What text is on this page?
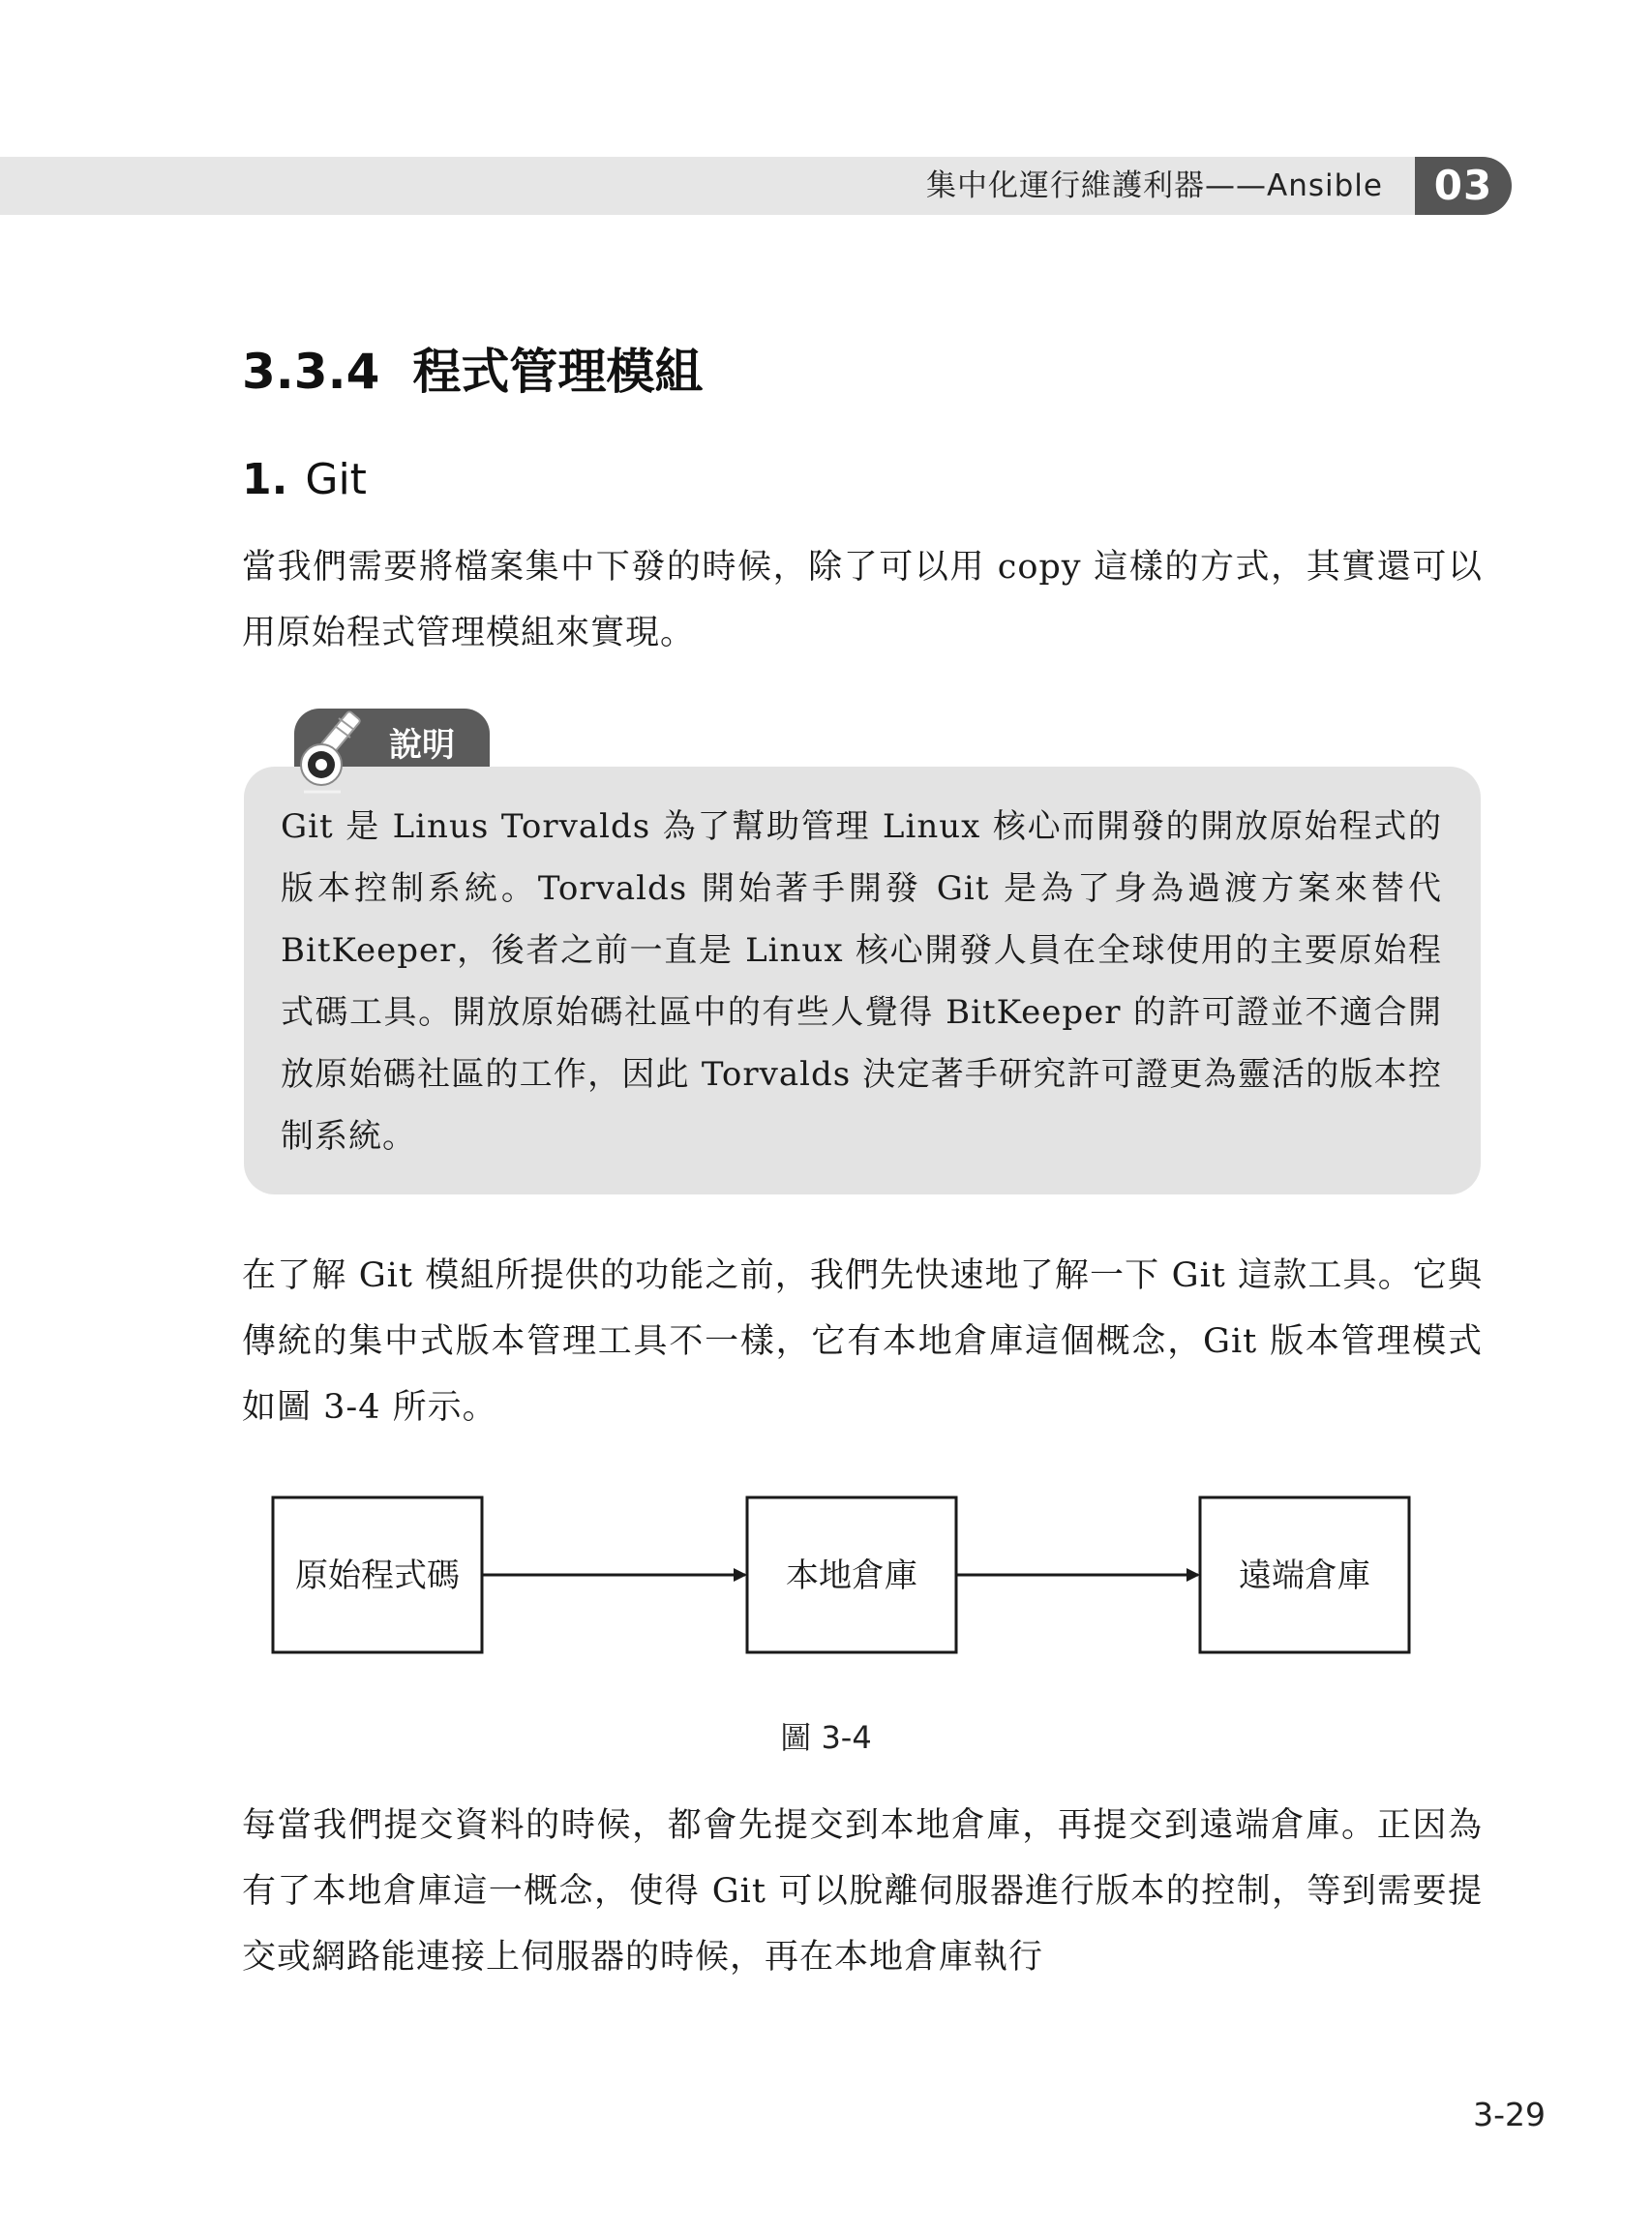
集中化運行維護利器——Ansible	03
3.3.4 程式管理模組
1. Git

當我們需要將檔案集中下發的時候，除了可以用 copy 這樣的方式，其實還可以用原始程式管理模組來實現。

說明

Git 是 Linus Torvalds 為了幫助管理 Linux 核心而開發的開放原始程式的版本控制系統。Torvalds 開始著手開發 Git 是為了身為過渡方案來替代 BitKeeper，後者之前一直是 Linux 核心開發人員在全球使用的主要原始程式碼工具。開放原始碼社區中的有些人覺得 BitKeeper 的許可證並不適合開放原始碼社區的工作，因此 Torvalds 決定著手研究許可證更為靈活的版本控制系統。

在了解 Git 模組所提供的功能之前，我們先快速地了解一下 Git 這款工具。它與傳統的集中式版本管理工具不一樣，它有本地倉庫這個概念，Git 版本管理模式如圖 3-4 所示。

原始程式碼	本地倉庫	遠端倉庫
圖 3-4

每當我們提交資料的時候，都會先提交到本地倉庫，再提交到遠端倉庫。正因為有了本地倉庫這一概念，使得 Git 可以脫離伺服器進行版本的控制，等到需要提交或網路能連接上伺服器的時候，再在本地倉庫執行

3-29
